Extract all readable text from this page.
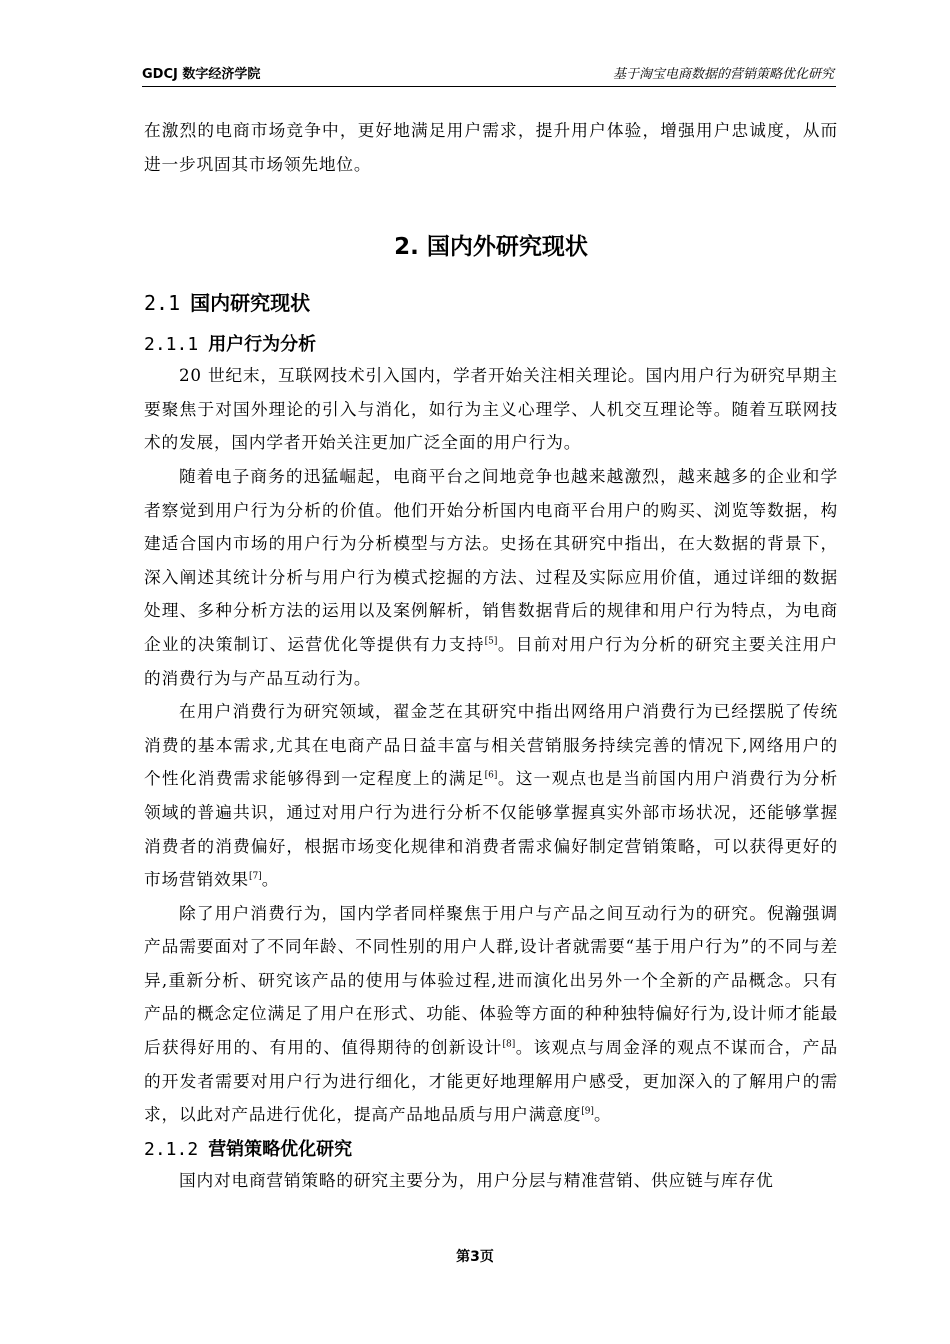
GDCJ 数字经济学院	基于淘宝电商数据的营销策略优化研究

在激烈的电商市场竞争中，更好地满足用户需求，提升用户体验，增强用户忠诚度，从而进一步巩固其市场领先地位。

2. 国内外研究现状
2.1 国内研究现状
2.1.1 用户行为分析

20 世纪末，互联网技术引入国内，学者开始关注相关理论。国内用户行为研究早期主要聚焦于对国外理论的引入与消化，如行为主义心理学、人机交互理论等。随着互联网技术的发展，国内学者开始关注更加广泛全面的用户行为。

随着电子商务的迅猛崛起，电商平台之间地竞争也越来越激烈，越来越多的企业和学者察觉到用户行为分析的价值。他们开始分析国内电商平台用户的购买、浏览等数据，构建适合国内市场的用户行为分析模型与方法。史扬在其研究中指出，在大数据的背景下，深入阐述其统计分析与用户行为模式挖掘的方法、过程及实际应用价值，通过详细的数据处理、多种分析方法的运用以及案例解析，销售数据背后的规律和用户行为特点，为电商企业的决策制订、运营优化等提供有力支持[5]。目前对用户行为分析的研究主要关注用户的消费行为与产品互动行为。

在用户消费行为研究领域，翟金芝在其研究中指出网络用户消费行为已经摆脱了传统消费的基本需求,尤其在电商产品日益丰富与相关营销服务持续完善的情况下,网络用户的个性化消费需求能够得到一定程度上的满足[6]。这一观点也是当前国内用户消费行为分析领域的普遍共识，通过对用户行为进行分析不仅能够掌握真实外部市场状况，还能够掌握消费者的消费偏好，根据市场变化规律和消费者需求偏好制定营销策略，可以获得更好的市场营销效果[7]。

除了用户消费行为，国内学者同样聚焦于用户与产品之间互动行为的研究。倪瀚强调产品需要面对了不同年龄、不同性别的用户人群,设计者就需要“基于用户行为”的不同与差异,重新分析、研究该产品的使用与体验过程,进而演化出另外一个全新的产品概念。只有产品的概念定位满足了用户在形式、功能、体验等方面的种种独特偏好行为,设计师才能最后获得好用的、有用的、值得期待的创新设计[8]。该观点与周金泽的观点不谋而合，产品的开发者需要对用户行为进行细化，才能更好地理解用户感受，更加深入的了解用户的需求，以此对产品进行优化，提高产品地品质与用户满意度[9]。

2.1.2 营销策略优化研究

国内对电商营销策略的研究主要分为，用户分层与精准营销、供应链与库存优

第3页
